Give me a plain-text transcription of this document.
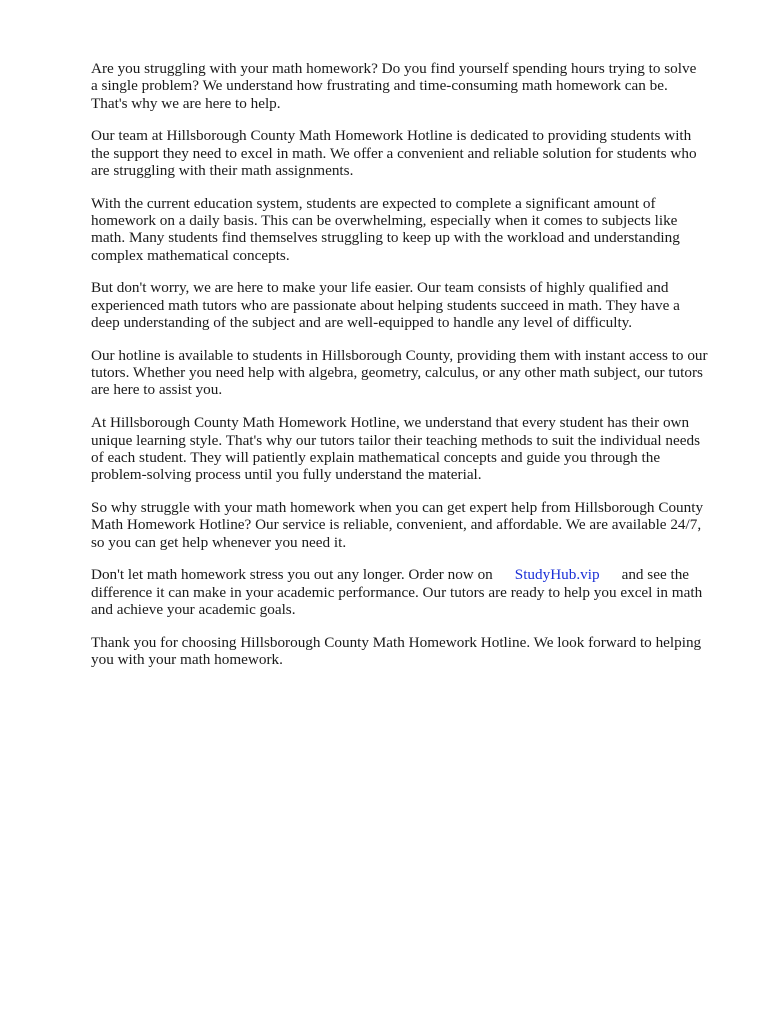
Are you struggling with your math homework? Do you find yourself spending hours trying to solve
a single problem? We understand how frustrating and time-consuming math homework can be.
That's why we are here to help.

Our team at Hillsborough County Math Homework Hotline is dedicated to providing students with
the support they need to excel in math. We offer a convenient and reliable solution for students who
are struggling with their math assignments.

With the current education system, students are expected to complete a significant amount of
homework on a daily basis. This can be overwhelming, especially when it comes to subjects like
math. Many students find themselves struggling to keep up with the workload and understanding
complex mathematical concepts.

But don't worry, we are here to make your life easier. Our team consists of highly qualified and
experienced math tutors who are passionate about helping students succeed in math. They have a
deep understanding of the subject and are well-equipped to handle any level of difficulty.

Our hotline is available to students in Hillsborough County, providing them with instant access to our
tutors. Whether you need help with algebra, geometry, calculus, or any other math subject, our tutors
are here to assist you.

At Hillsborough County Math Homework Hotline, we understand that every student has their own
unique learning style. That's why our tutors tailor their teaching methods to suit the individual needs
of each student. They will patiently explain mathematical concepts and guide you through the
problem-solving process until you fully understand the material.

So why struggle with your math homework when you can get expert help from Hillsborough County
Math Homework Hotline? Our service is reliable, convenient, and affordable. We are available 24/7,
so you can get help whenever you need it.

Don't let math homework stress you out any longer. Order now on StudyHub.vip and see the
difference it can make in your academic performance. Our tutors are ready to help you excel in math
and achieve your academic goals.

Thank you for choosing Hillsborough County Math Homework Hotline. We look forward to helping
you with your math homework.
